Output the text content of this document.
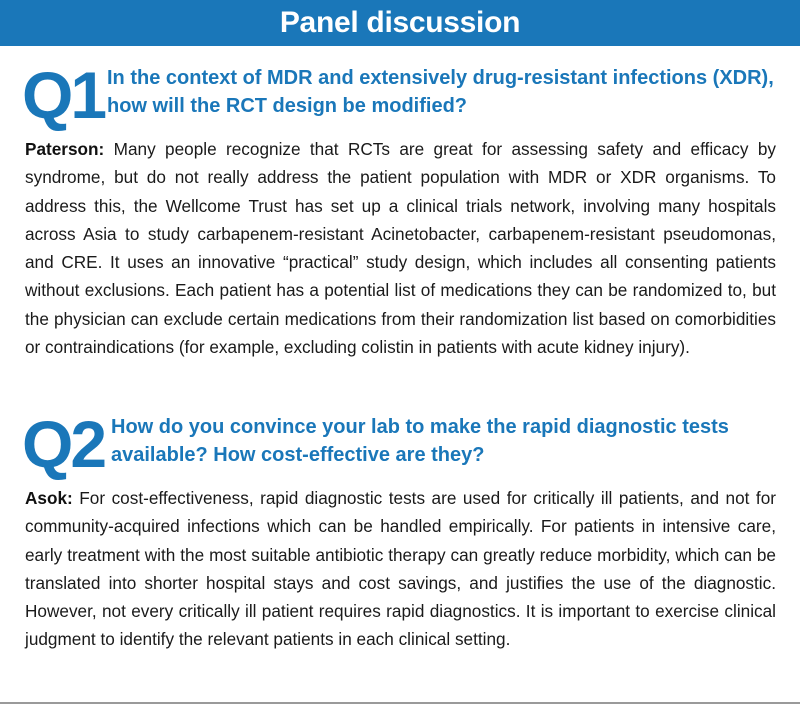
Panel discussion
Q1 In the context of MDR and extensively drug-resistant infections (XDR), how will the RCT design be modified?

Paterson: Many people recognize that RCTs are great for assessing safety and efficacy by syndrome, but do not really address the patient population with MDR or XDR organisms. To address this, the Wellcome Trust has set up a clinical trials network, involving many hospitals across Asia to study carbapenem-resistant Acinetobacter, carbapenem-resistant pseudomonas, and CRE. It uses an innovative “practical” study design, which includes all consenting patients without exclusions. Each patient has a potential list of medications they can be randomized to, but the physician can exclude certain medications from their randomization list based on comorbidities or contraindications (for example, excluding colistin in patients with acute kidney injury).

Q2 How do you convince your lab to make the rapid diagnostic tests available? How cost-effective are they?

Asok: For cost-effectiveness, rapid diagnostic tests are used for critically ill patients, and not for community-acquired infections which can be handled empirically. For patients in intensive care, early treatment with the most suitable antibiotic therapy can greatly reduce morbidity, which can be translated into shorter hospital stays and cost savings, and justifies the use of the diagnostic. However, not every critically ill patient requires rapid diagnostics. It is important to exercise clinical judgment to identify the relevant patients in each clinical setting.
